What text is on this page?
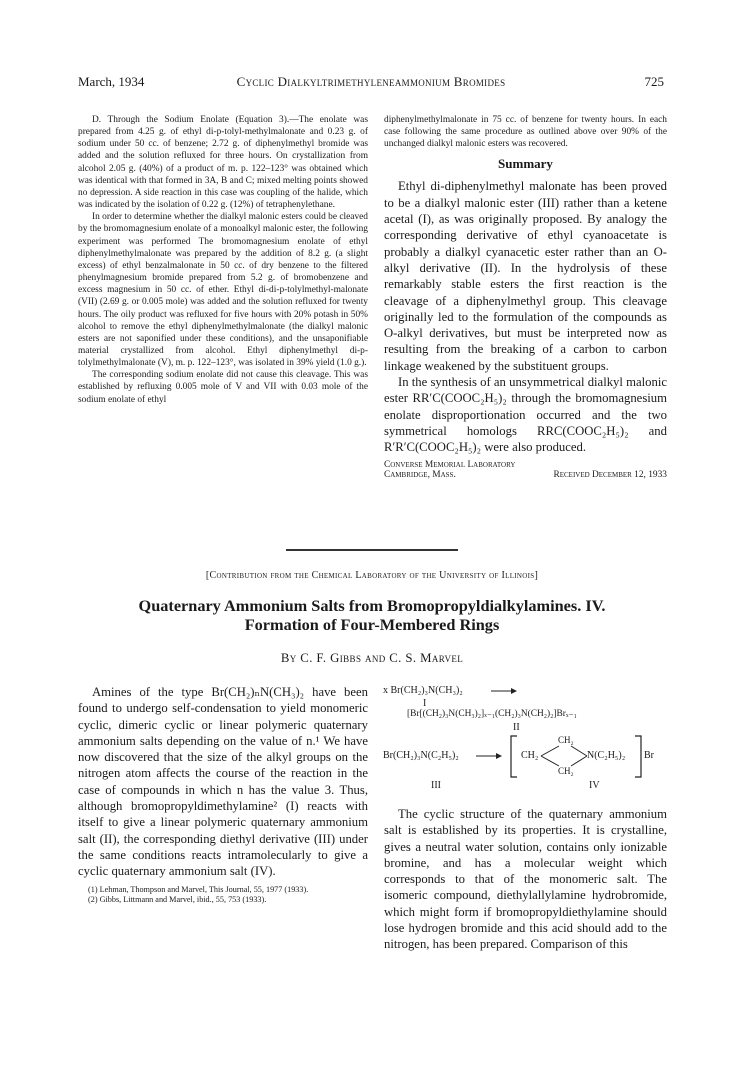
March, 1934	Cyclic Dialkyltrimethyleneammonium Bromides	725

D. Through the Sodium Enolate (Equation 3).—The enolate was prepared from 4.25 g. of ethyl di-p-tolyl-methylmalonate and 0.23 g. of sodium under 50 cc. of benzene; 2.72 g. of diphenylmethyl bromide was added and the solution refluxed for three hours. On crystallization from alcohol 2.05 g. (40%) of a product of m. p. 122–123° was obtained which was identical with that formed in 3A, B and C; mixed melting points showed no depression. A side reaction in this case was coupling of the halide, which was indicated by the isolation of 0.22 g. (12%) of tetraphenylethane.

In order to determine whether the dialkyl malonic esters could be cleaved by the bromomagnesium enolate of a monoalkyl malonic ester, the following experiment was performed The bromomagnesium enolate of ethyl diphenylmethylmalonate was prepared by the addition of 8.2 g. (a slight excess) of ethyl benzalmalonate in 50 cc. of dry benzene to the filtered phenylmagnesium bromide prepared from 5.2 g. of bromobenzene and excess magnesium in 50 cc. of ether. Ethyl di-di-p-tolylmethyl-malonate (VII) (2.69 g. or 0.005 mole) was added and the solution refluxed for twenty hours. The oily product was refluxed for five hours with 20% potash in 50% alcohol to remove the ethyl diphenylmethylmalonate (the dialkyl malonic esters are not saponified under these conditions), and the unsaponifiable material crystallized from alcohol. Ethyl diphenylmethyl di-p-tolylmethylmalonate (V), m. p. 122–123°, was isolated in 39% yield (1.0 g.).

The corresponding sodium enolate did not cause this cleavage. This was established by refluxing 0.005 mole of V and VII with 0.03 mole of the sodium enolate of ethyl

diphenylmethylmalonate in 75 cc. of benzene for twenty hours. In each case following the same procedure as outlined above over 90% of the unchanged dialkyl malonic esters was recovered.

Summary

Ethyl di-diphenylmethyl malonate has been proved to be a dialkyl malonic ester (III) rather than a ketene acetal (I), as was originally proposed. By analogy the corresponding derivative of ethyl cyanoacetate is probably a dialkyl cyanacetic ester rather than an O-alkyl derivative (II). In the hydrolysis of these remarkably stable esters the first reaction is the cleavage of a diphenylmethyl group. This cleavage originally led to the formulation of the compounds as O-alkyl derivatives, but must be interpreted now as resulting from the breaking of a carbon to carbon linkage weakened by the substituent groups.

In the synthesis of an unsymmetrical dialkyl malonic ester RR′C(COOC₂H₅)₂ through the bromomagnesium enolate disproportionation occurred and the two symmetrical homologs RRC(COOC₂H₅)₂ and R′R′C(COOC₂H₅)₂ were also produced.

Converse Memorial Laboratory
Cambridge, Mass.	Received December 12, 1933
[Contribution from the Chemical Laboratory of the University of Illinois]
Quaternary Ammonium Salts from Bromopropyldialkylamines. IV.
Formation of Four-Membered Rings
By C. F. Gibbs and C. S. Marvel

Amines of the type Br(CH₂)ₙN(CH₃)₂ have been found to undergo self-condensation to yield monomeric cyclic, dimeric cyclic or linear polymeric quaternary ammonium salts depending on the value of n.¹ We have now discovered that the size of the alkyl groups on the nitrogen atom affects the course of the reaction in the case of compounds in which n has the value 3. Thus, although bromopropyldimethylamine² (I) reacts with itself to give a linear polymeric quaternary ammonium salt (II), the corresponding diethyl derivative (III) under the same conditions reacts intramolecularly to give a cyclic quaternary ammonium salt (IV).

(1) Lehman, Thompson and Marvel, This Journal, 55, 1977 (1933).

(2) Gibbs, Littmann and Marvel, ibid., 55, 753 (1933).

x Br(CH₂)₃N(CH₃)₂
I
[Br[(CH₂)₃N(CH₃)₂]ₓ₋₁(CH₂)₃N(CH₂)₂]Brₓ₋₁
II
Br(CH₂)₃N(C₂H₅)₂	CH₂
CH₂
CH₂
N(C₂H₅)₂ Br
III	IV

The cyclic structure of the quaternary ammonium salt is established by its properties. It is crystalline, gives a neutral water solution, contains only ionizable bromine, and has a molecular weight which corresponds to that of the monomeric salt. The isomeric compound, diethylallylamine hydrobromide, which might form if bromopropyldiethylamine should lose hydrogen bromide and this acid should add to the nitrogen, has been prepared. Comparison of this
